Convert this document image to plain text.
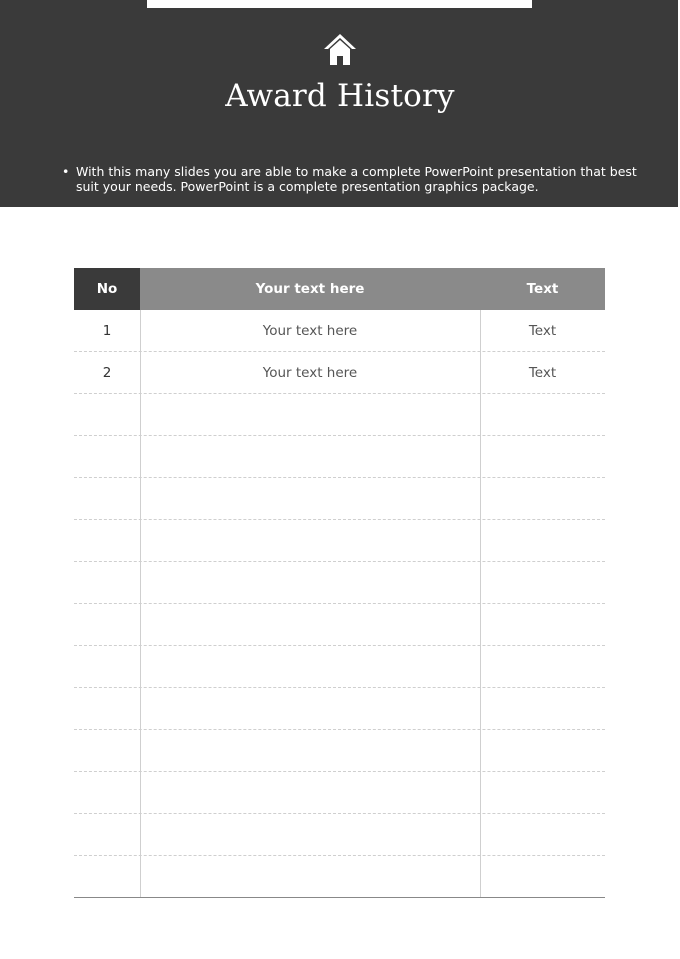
Award History
• With this many slides you are able to make a complete PowerPoint presentation that best suit your needs. PowerPoint is a complete presentation graphics package.
No	Your text here	Text
1	Your text here	Text
2	Your text here	Text
